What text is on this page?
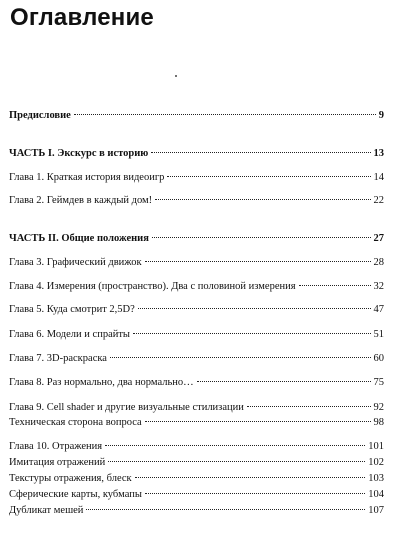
Оглавление
Предисловие	9
ЧАСТЬ I. Экскурс в историю	13
Глава 1. Краткая история видеоигр	14
Глава 2. Геймдев в каждый дом!	22
ЧАСТЬ II. Общие положения	27
Глава 3. Графический движок	28
Глава 4. Измерения (пространство). Два с половиной измерения	32
Глава 5. Куда смотрит 2,5D?	47
Глава 6. Модели и спрайты	51
Глава 7. 3D-раскраска	60
Глава 8. Раз нормально, два нормально…	75
Глава 9. Cell shader и другие визуальные стилизации	92
Техническая сторона вопроса	98
Глава 10. Отражения	101
Имитация отражений	102
Текстуры отражения, блеск	103
Сферические карты, кубмапы	104
Дубликат мешей	107
